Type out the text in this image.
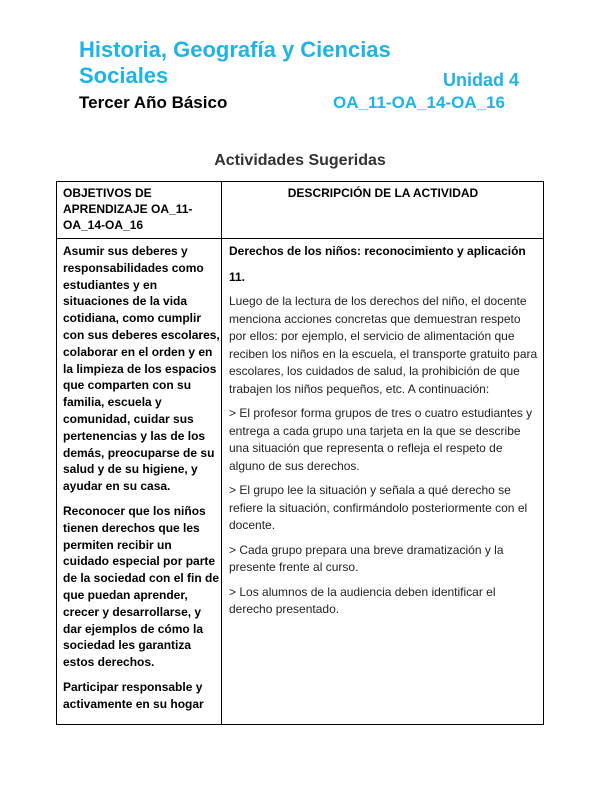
Historia, Geografía y Ciencias
Sociales	Unidad 4
Tercer Año Básico	OA_11-OA_14-OA_16
Actividades Sugeridas
OBJETIVOS DE APRENDIZAJE OA_11-OA_14-OA_16
DESCRIPCIÓN DE LA ACTIVIDAD

Asumir sus deberes y responsabilidades como estudiantes y en situaciones de la vida cotidiana, como cumplir con sus deberes escolares, colaborar en el orden y en la limpieza de los espacios que comparten con su familia, escuela y comunidad, cuidar sus pertenencias y las de los demás, preocuparse de su salud y de su higiene, y ayudar en su casa.

Reconocer que los niños tienen derechos que les permiten recibir un cuidado especial por parte de la sociedad con el fin de que puedan aprender, crecer y desarrollarse, y dar ejemplos de cómo la sociedad les garantiza estos derechos.

Participar responsable y activamente en su hogar

Derechos de los niños: reconocimiento y aplicación

11.

Luego de la lectura de los derechos del niño, el docente menciona acciones concretas que demuestran respeto por ellos: por ejemplo, el servicio de alimentación que reciben los niños en la escuela, el transporte gratuito para escolares, los cuidados de salud, la prohibición de que trabajen los niños pequeños, etc. A continuación:

> El profesor forma grupos de tres o cuatro estudiantes y entrega a cada grupo una tarjeta en la que se describe una situación que representa o refleja el respeto de alguno de sus derechos.

> El grupo lee la situación y señala a qué derecho se refiere la situación, confirmándolo posteriormente con el docente.

> Cada grupo prepara una breve dramatización y la presente frente al curso.

> Los alumnos de la audiencia deben identificar el derecho presentado.
